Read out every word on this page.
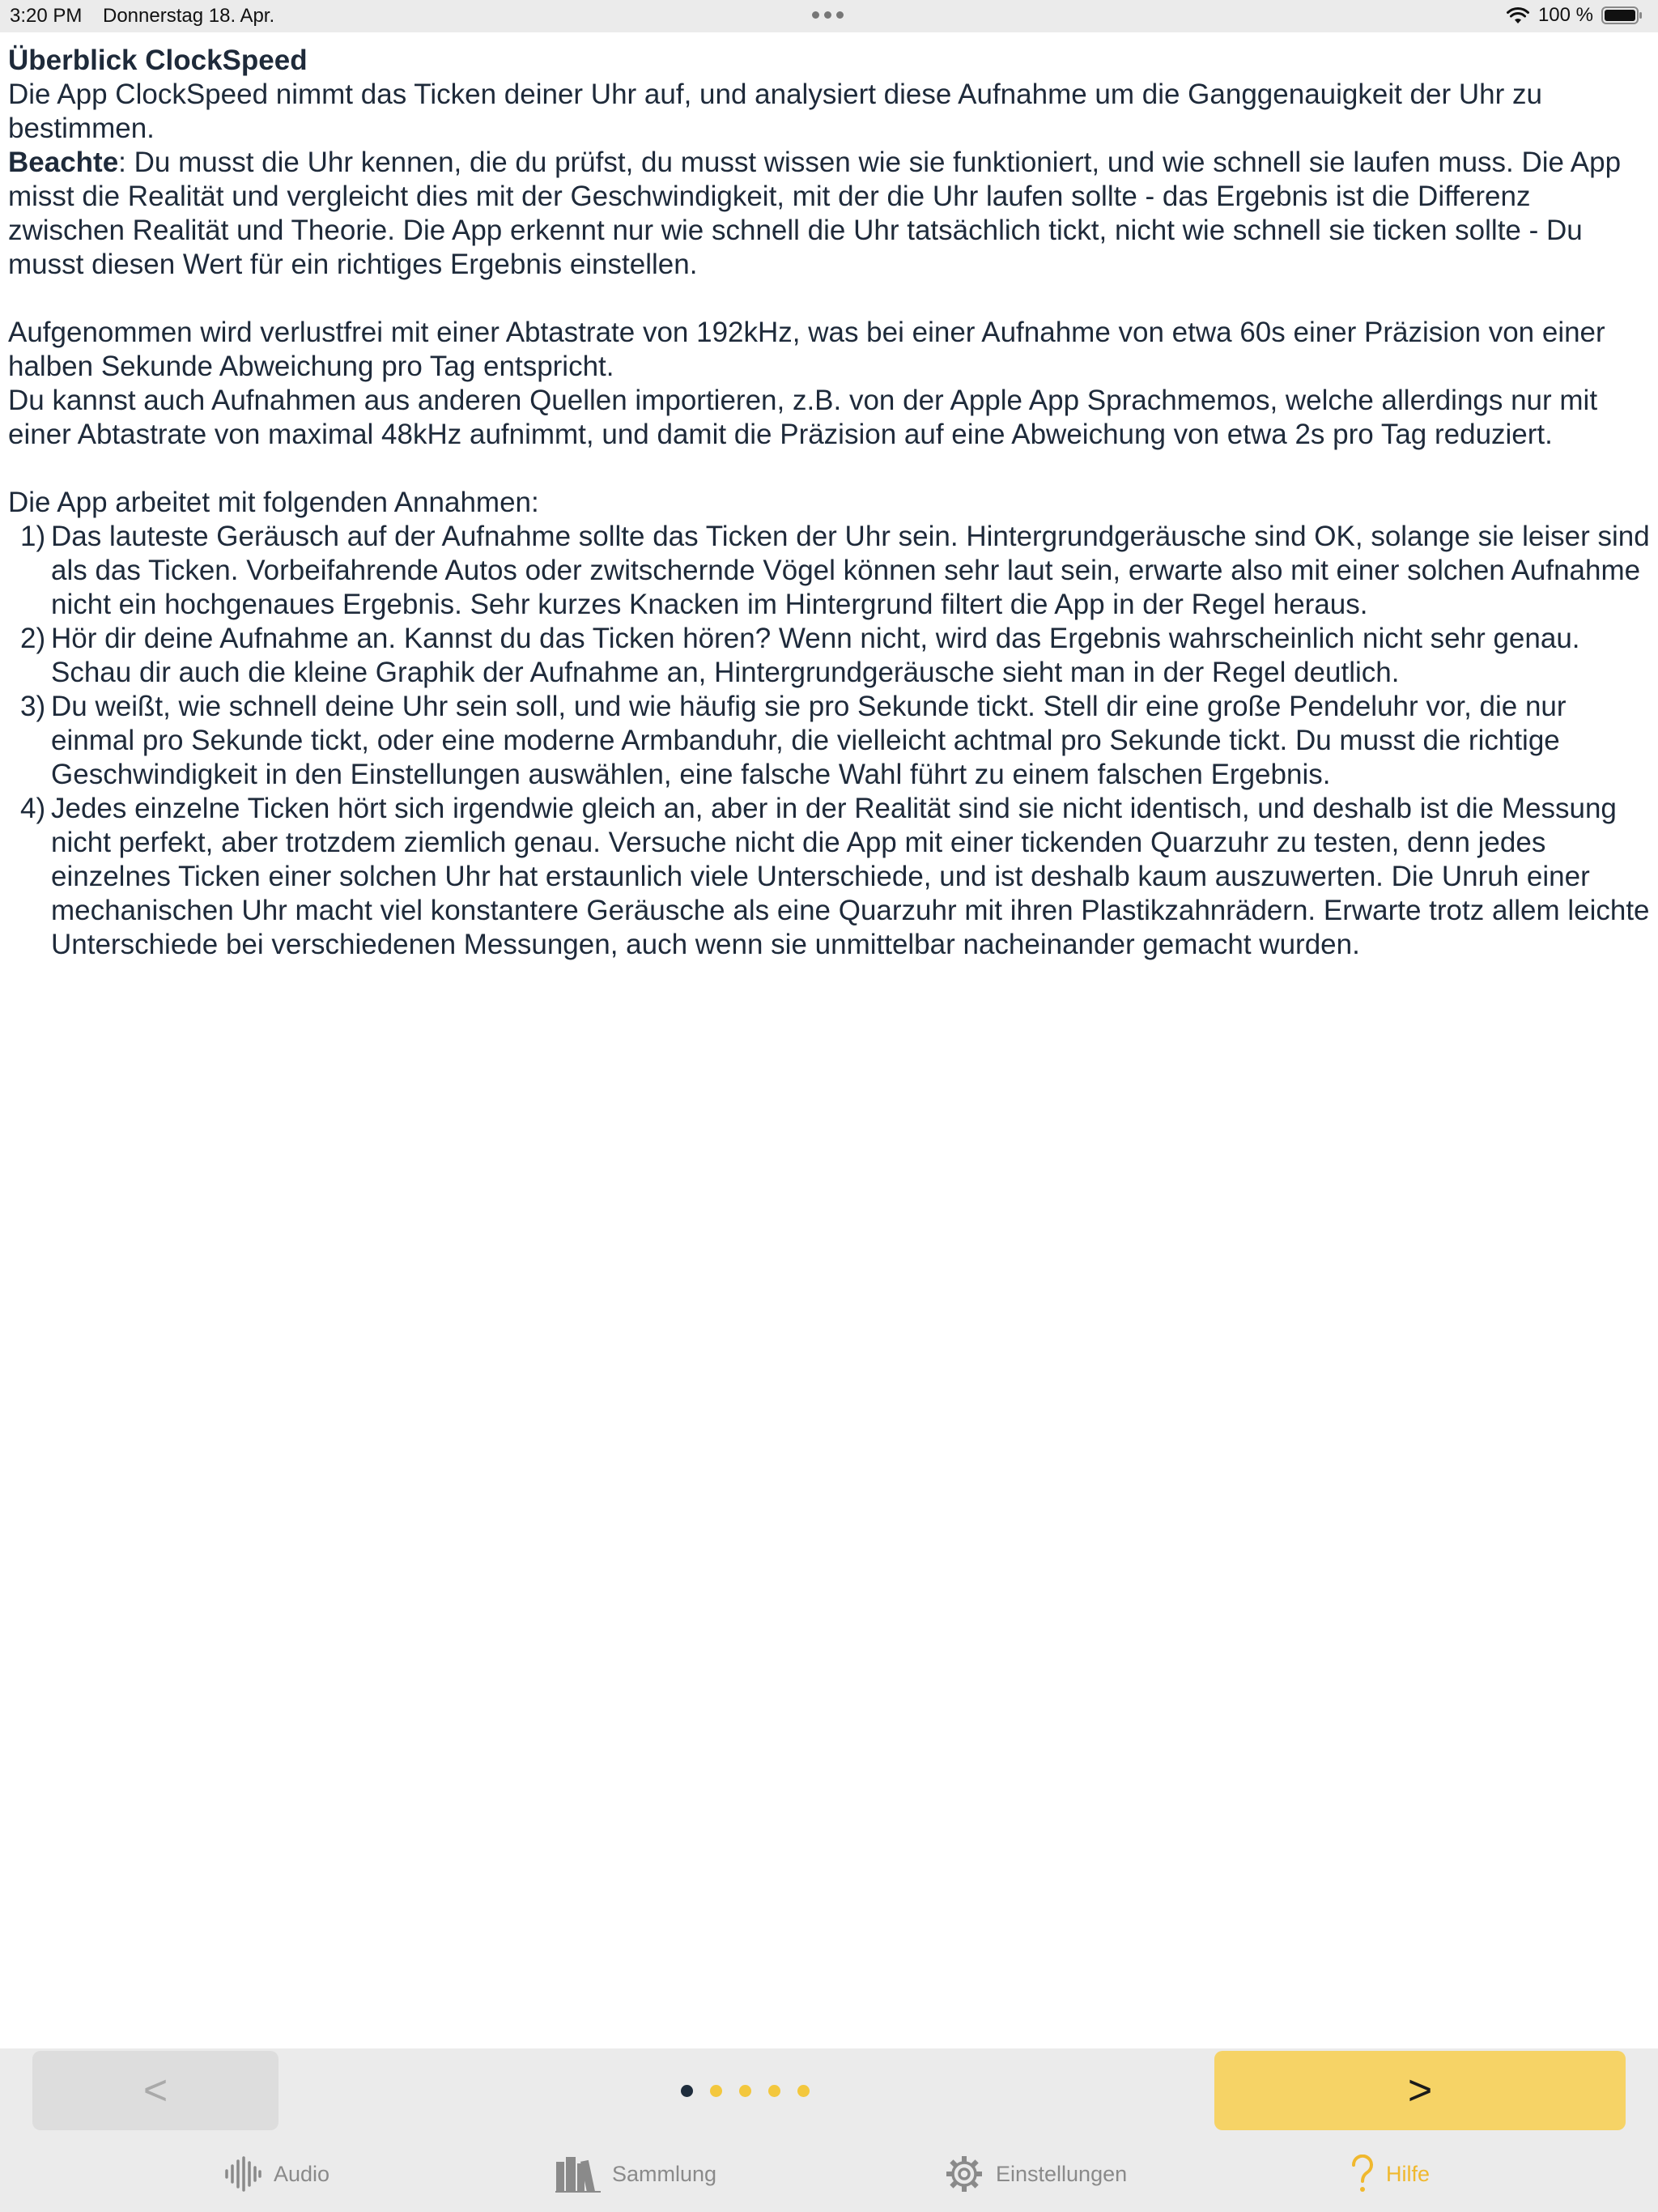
3:20 PM Donnerstag 18. Apr.	100 %

Überblick ClockSpeed

Die App ClockSpeed nimmt das Ticken deiner Uhr auf, und analysiert diese Aufnahme um die Ganggenauigkeit der Uhr zu bestimmen.

Beachte: Du musst die Uhr kennen, die du prüfst, du musst wissen wie sie funktioniert, und wie schnell sie laufen muss. Die App misst die Realität und vergleicht dies mit der Geschwindigkeit, mit der die Uhr laufen sollte - das Ergebnis ist die Differenz zwischen Realität und Theorie. Die App erkennt nur wie schnell die Uhr tatsächlich tickt, nicht wie schnell sie ticken sollte - Du musst diesen Wert für ein richtiges Ergebnis einstellen.

Aufgenommen wird verlustfrei mit einer Abtastrate von 192kHz, was bei einer Aufnahme von etwa 60s einer Präzision von einer halben Sekunde Abweichung pro Tag entspricht.

Du kannst auch Aufnahmen aus anderen Quellen importieren, z.B. von der Apple App Sprachmemos, welche allerdings nur mit einer Abtastrate von maximal 48kHz aufnimmt, und damit die Präzision auf eine Abweichung von etwa 2s pro Tag reduziert.

Die App arbeitet mit folgenden Annahmen:

1) Das lauteste Geräusch auf der Aufnahme sollte das Ticken der Uhr sein. Hintergrundgeräusche sind OK, solange sie leiser sind als das Ticken. Vorbeifahrende Autos oder zwitschernde Vögel können sehr laut sein, erwarte also mit einer solchen Aufnahme nicht ein hochgenaues Ergebnis. Sehr kurzes Knacken im Hintergrund filtert die App in der Regel heraus.
2) Hör dir deine Aufnahme an. Kannst du das Ticken hören? Wenn nicht, wird das Ergebnis wahrscheinlich nicht sehr genau. Schau dir auch die kleine Graphik der Aufnahme an, Hintergrundgeräusche sieht man in der Regel deutlich.
3) Du weißt, wie schnell deine Uhr sein soll, und wie häufig sie pro Sekunde tickt. Stell dir eine große Pendeluhr vor, die nur einmal pro Sekunde tickt, oder eine moderne Armbanduhr, die vielleicht achtmal pro Sekunde tickt. Du musst die richtige Geschwindigkeit in den Einstellungen auswählen, eine falsche Wahl führt zu einem falschen Ergebnis.
4) Jedes einzelne Ticken hört sich irgendwie gleich an, aber in der Realität sind sie nicht identisch, und deshalb ist die Messung nicht perfekt, aber trotzdem ziemlich genau. Versuche nicht die App mit einer tickenden Quarzuhr zu testen, denn jedes einzelnes Ticken einer solchen Uhr hat erstaunlich viele Unterschiede, und ist deshalb kaum auszuwerten. Die Unruh einer mechanischen Uhr macht viel konstantere Geräusche als eine Quarzuhr mit ihren Plastikzahnrädern. Erwarte trotz allem leichte Unterschiede bei verschiedenen Messungen, auch wenn sie unmittelbar nacheinander gemacht wurden.
<	>
Audio	Sammlung	Einstellungen	Hilfe
